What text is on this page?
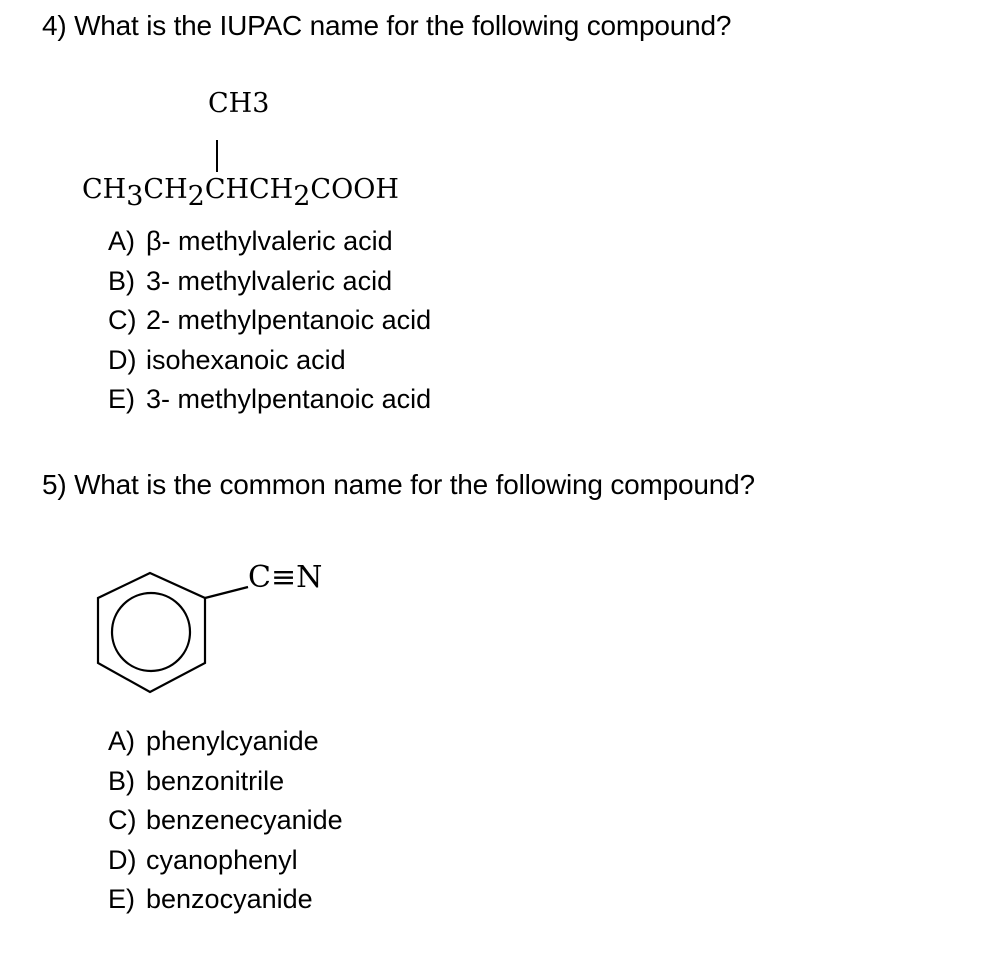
4) What is the IUPAC name for the following compound?
CH3
$CH_3CH_2CHCH_2COOH$
A) β- methylvaleric acid
B) 3- methylvaleric acid
C) 2- methylpentanoic acid
D) isohexanoic acid
E) 3- methylpentanoic acid
5) What is the common name for the following compound?
C≡N
A) phenylcyanide
B) benzonitrile
C) benzenecyanide
D) cyanophenyl
E) benzocyanide
